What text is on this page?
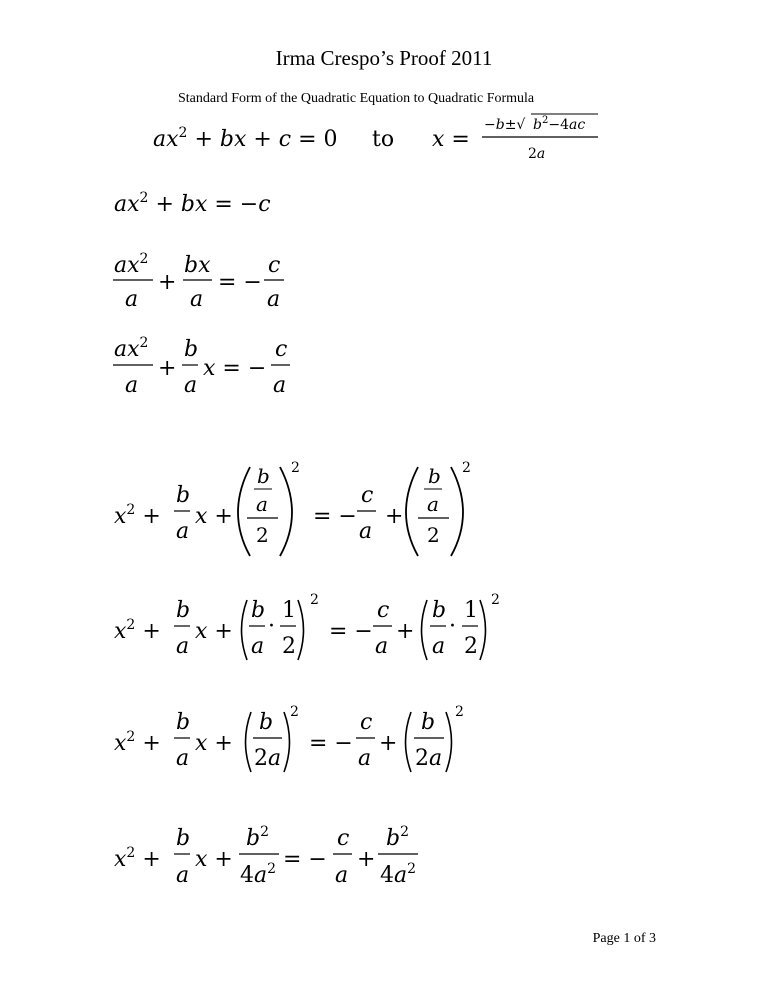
Irma Crespo’s Proof 2011
Standard Form of the Quadratic Equation to Quadratic Formula
Page 1 of 3
$ax^2$ + bx + c = 0 to x =
−b±√ $b^2-4ac$
2a
$ax^2$ + bx = −c
$ax^2$
a
+
bx
a
= −
c
a
$ax^2$
a
+
b
a
x = −
c
a
$x^2$ +
b
a
x +
b
a
2
2
= −
c
a
+
b
a
2
2
$x^2$ +
b
a
x +
b
a
·
1
2
2
= −
c
a
+
b
a
·
1
2
2
$x^2$ +
b
a
x +
b
2a
2
= −
c
a
+
b
2a
2
$x^2$ +
b
a
x +
$b^2$
$4a^2$ = −
c
a
+
$b^2$
$4a^2$
